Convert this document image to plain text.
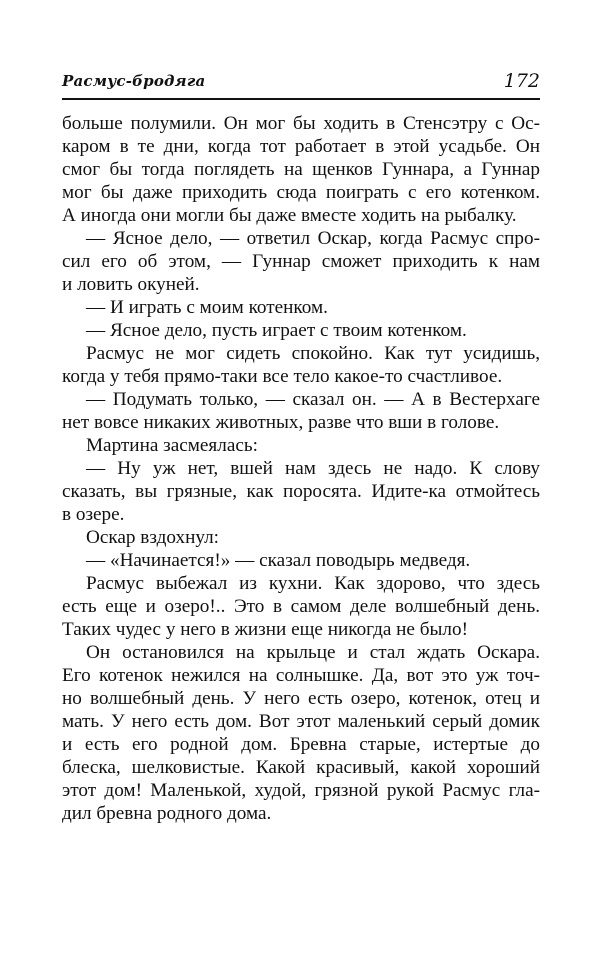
Расмус-бродяга	172
больше полумили. Он мог бы ходить в Стенсэтру с Ос-
каром в те дни, когда тот работает в этой усадьбе. Он
смог бы тогда поглядеть на щенков Гуннара, а Гуннар
мог бы даже приходить сюда поиграть с его котенком.
А иногда они могли бы даже вместе ходить на рыбалку.
— Ясное дело, — ответил Оскар, когда Расмус спро-
сил его об этом, — Гуннар сможет приходить к нам
и ловить окуней.
— И играть с моим котенком.
— Ясное дело, пусть играет с твоим котенком.
Расмус не мог сидеть спокойно. Как тут усидишь,
когда у тебя прямо-таки все тело какое-то счастливое.
— Подумать только, — сказал он. — А в Вестерхаге
нет вовсе никаких животных, разве что вши в голове.
Мартина засмеялась:
— Ну уж нет, вшей нам здесь не надо. К слову
сказать, вы грязные, как поросята. Идите-ка отмойтесь
в озере.
Оскар вздохнул:
— «Начинается!» — сказал поводырь медведя.
Расмус выбежал из кухни. Как здорово, что здесь
есть еще и озеро!.. Это в самом деле волшебный день.
Таких чудес у него в жизни еще никогда не было!
Он остановился на крыльце и стал ждать Оскара.
Его котенок нежился на солнышке. Да, вот это уж точ-
но волшебный день. У него есть озеро, котенок, отец и
мать. У него есть дом. Вот этот маленький серый домик
и есть его родной дом. Бревна старые, истертые до
блеска, шелковистые. Какой красивый, какой хороший
этот дом! Маленькой, худой, грязной рукой Расмус гла-
дил бревна родного дома.
